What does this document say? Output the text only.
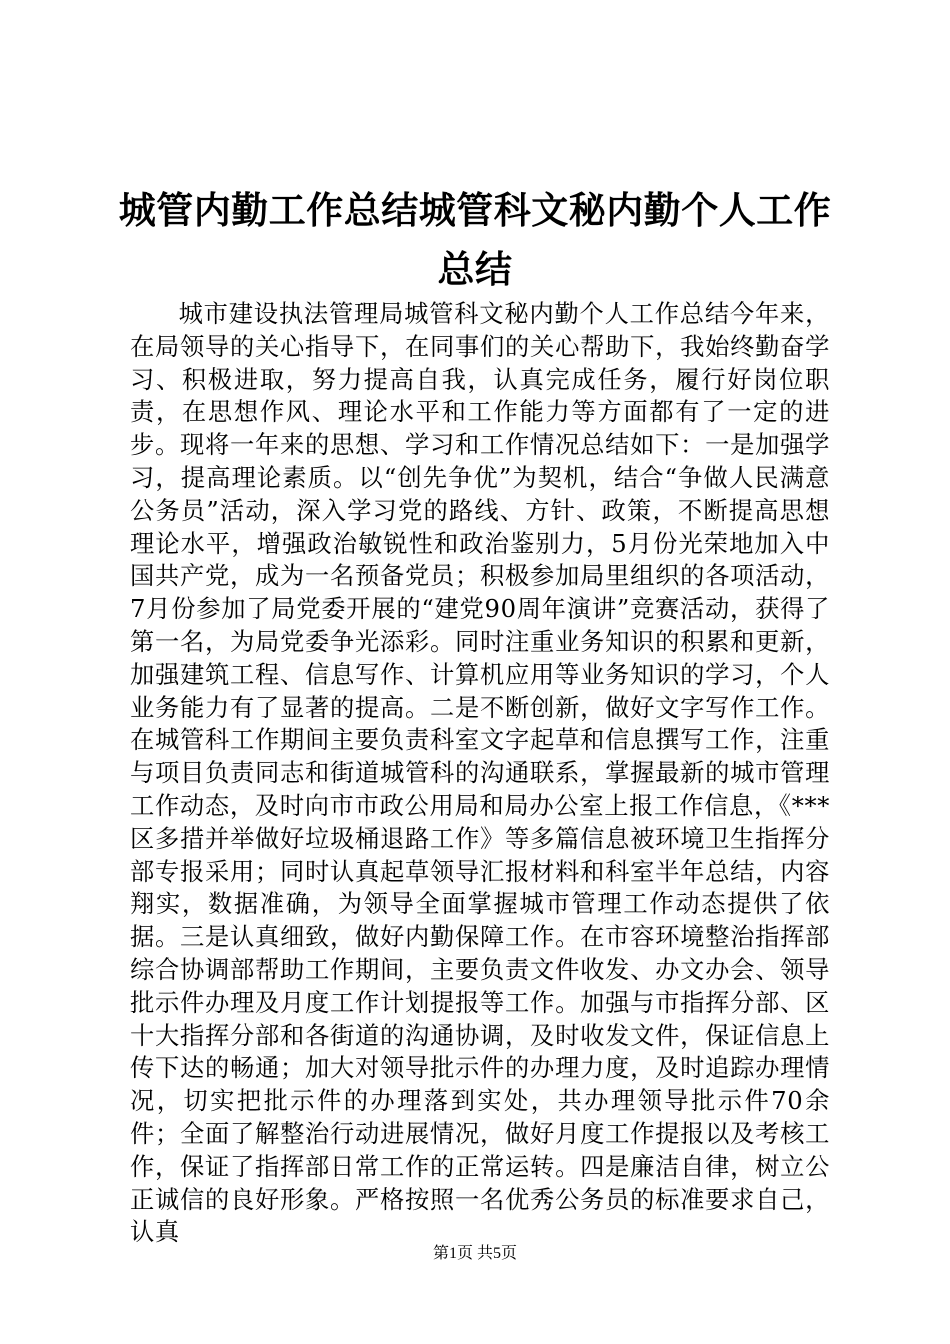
城管内勤工作总结城管科文秘内勤个人工作总结

城市建设执法管理局城管科文秘内勤个人工作总结今年来，在局领导的关心指导下，在同事们的关心帮助下，我始终勤奋学习、积极进取，努力提高自我，认真完成任务，履行好岗位职责，在思想作风、理论水平和工作能力等方面都有了一定的进步。现将一年来的思想、学习和工作情况总结如下：一是加强学习，提高理论素质。以“创先争优”为契机，结合“争做人民满意公务员”活动，深入学习党的路线、方针、政策，不断提高思想理论水平，增强政治敏锐性和政治鉴别力，5月份光荣地加入中国共产党，成为一名预备党员；积极参加局里组织的各项活动，7月份参加了局党委开展的“建党90周年演讲”竞赛活动，获得了第一名，为局党委争光添彩。同时注重业务知识的积累和更新，加强建筑工程、信息写作、计算机应用等业务知识的学习，个人业务能力有了显著的提高。二是不断创新，做好文字写作工作。在城管科工作期间主要负责科室文字起草和信息撰写工作，注重与项目负责同志和街道城管科的沟通联系，掌握最新的城市管理工作动态，及时向市市政公用局和局办公室上报工作信息，《***区多措并举做好垃圾桶退路工作》等多篇信息被环境卫生指挥分部专报采用；同时认真起草领导汇报材料和科室半年总结，内容翔实，数据准确，为领导全面掌握城市管理工作动态提供了依据。三是认真细致，做好内勤保障工作。在市容环境整治指挥部综合协调部帮助工作期间，主要负责文件收发、办文办会、领导批示件办理及月度工作计划提报等工作。加强与市指挥分部、区十大指挥分部和各街道的沟通协调，及时收发文件，保证信息上传下达的畅通；加大对领导批示件的办理力度，及时追踪办理情况，切实把批示件的办理落到实处，共办理领导批示件70余件；全面了解整治行动进展情况，做好月度工作提报以及考核工作，保证了指挥部日常工作的正常运转。四是廉洁自律，树立公正诚信的良好形象。严格按照一名优秀公务员的标准要求自己，认真

第1页 共5页
